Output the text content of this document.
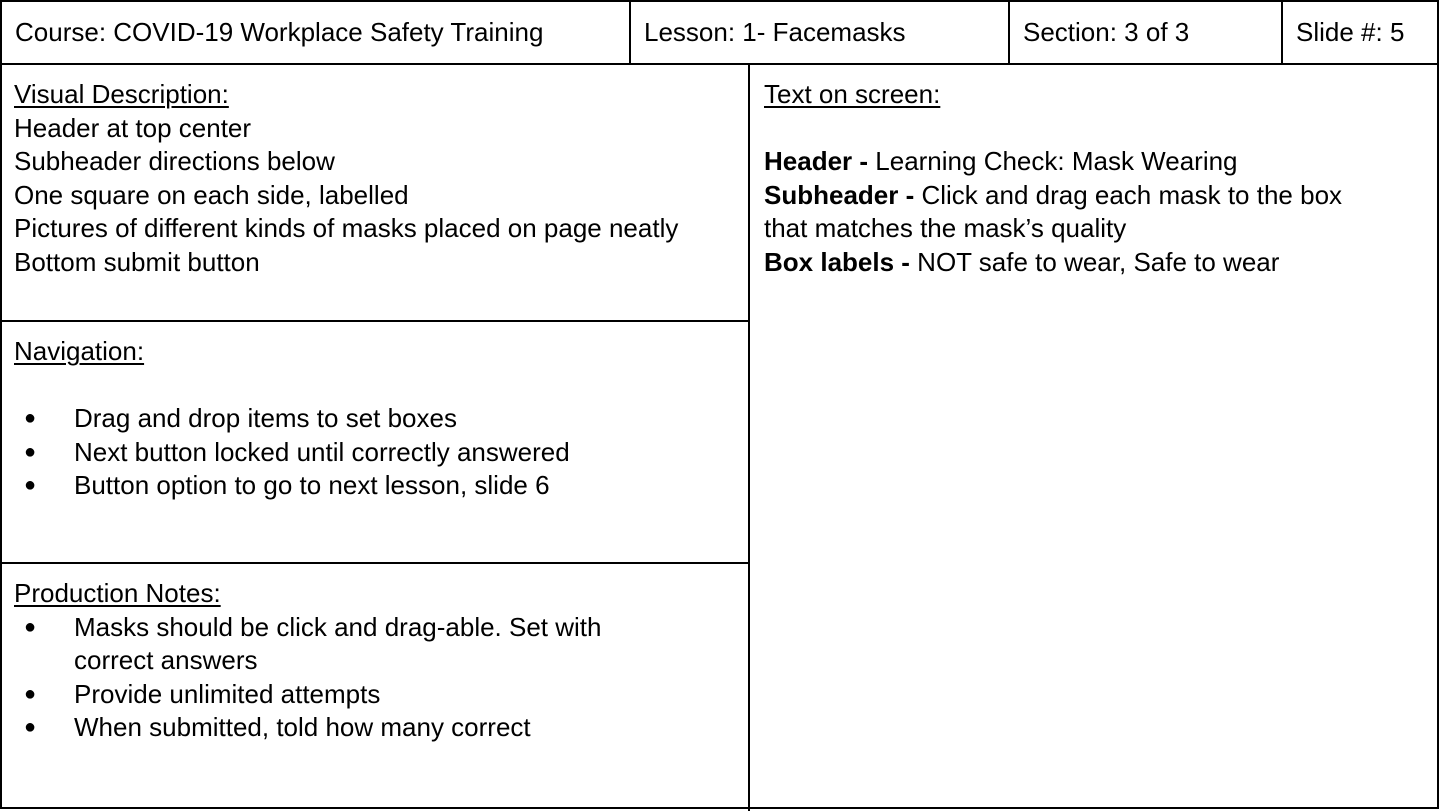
Course: COVID-19 Workplace Safety Training	Lesson: 1- Facemasks	Section: 3 of 3	Slide #: 5
Visual Description:
Header at top center
Subheader directions below
One square on each side, labelled
Pictures of different kinds of masks placed on page neatly
Bottom submit button
Navigation:
● Drag and drop items to set boxes
● Next button locked until correctly answered
● Button option to go to next lesson, slide 6
Production Notes:
● Masks should be click and drag-able. Set with
correct answers
● Provide unlimited attempts
● When submitted, told how many correct
Text on screen:
Header - Learning Check: Mask Wearing
Subheader - Click and drag each mask to the box
that matches the mask’s quality
Box labels - NOT safe to wear, Safe to wear
